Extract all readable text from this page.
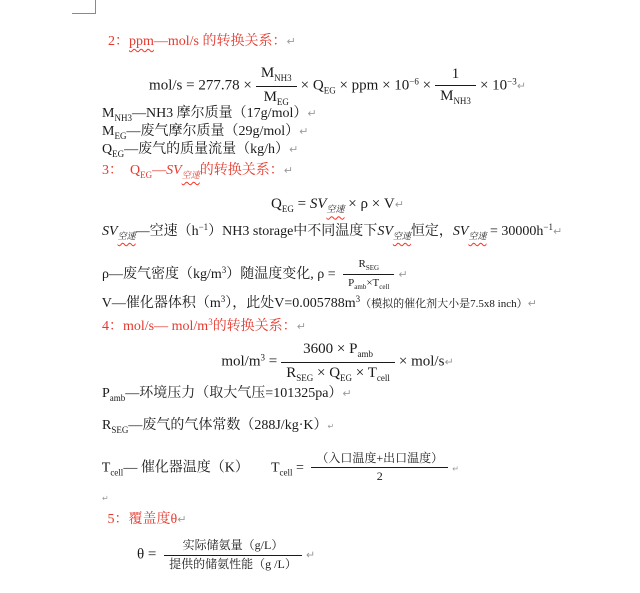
2：ppm—mol/s 的转换关系：↵

$mol/s = 277.78 \times \frac{M_{NH3}}{M_{EG}} \times Q_{EG}$ × ppm × $10^{-6} \times \frac{1}{M_{NH3}}$ × $10^{-3}↵$

$M_{NH3}—NH3$ 摩尔质量（17g/mol）↵

$M_{EG}—$废气摩尔质量（29g/mol）↵

$Q_{EG}—$废气的质量流量（kg/h）↵

3：  $Q_{EG}—SV_{空速}$的转换关系：↵

$Q_{EG} = SV_{空速} \times \rho$ × V↵

$SV_{空速}—$空速$(h^{-1})NH3$ storage中不同温度下$SV_{空速}$恒定，$SV_{空速}$ = $30000h^{-1}↵$

ρ—废气密度$(kg/m^3)$随温度变化, $\rho = \frac{R_{SEG}}{P_{amb}\times T_{cell}}$ ↵

V—催化器体积$(m^3)$，此处$V=0.005788m^3$（模拟的催化剂大小是7.5x8 inch）↵

4：mol/s— mol/$m^3$的转换关系：↵

mol/$m^3 = \frac{3600 \times P_{amb}}{R_{SEG} \times Q_{EG} \times T_{cell}}$ × mol/s↵

$P_{amb}—$环境压力（取大气压=101325pa）↵

$R_{SEG}—$废气的气体常数（288J/kg·K）↵

$T_{cell}—$ 催化器温度（K） $T_{cell} = \frac{\text{（入口温度+出口温度）}}{2}$ ↵

↵

5：覆盖度θ↵

$\theta = \frac{\text{实际储氨量（g/L）}}{\text{提供的储氨性能（g /L）}}$ ↵
